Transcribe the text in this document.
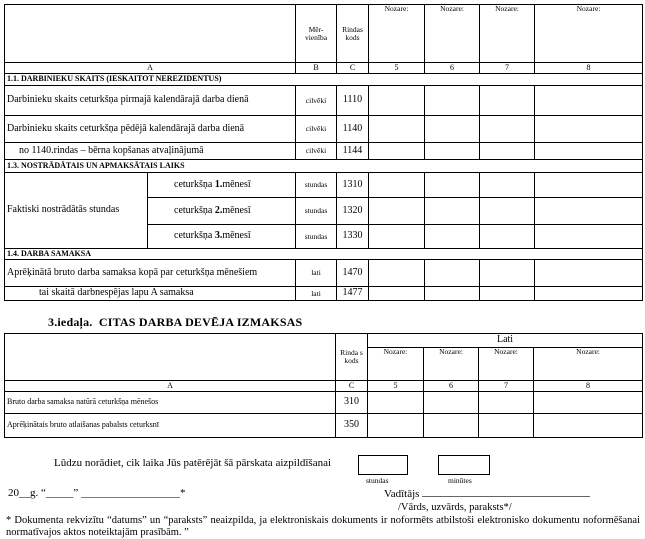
		Mēr-vienība	Rindas kods	Nozare:	Nozare:	Nozare:	Nozare:
A		B	C	5	6	7	8
1.1. DARBINIEKU SKAITS (IESKAITOT NEREZIDENTUS)							
Darbinieku skaits ceturkšņa pirmajā kalendārajā darba dienā		cilvēki	1110				
Darbinieku skaits ceturkšņa pēdējā kalendārajā darba dienā		cilvēki	1140				
no 1140.rindas – bērna kopšanas atvaļinājumā		cilvēki	1144				
1.3. NOSTRĀDĀTAIS UN APMAKSĀTAIS LAIKS							
Faktiski nostrādātās stundas	ceturkšņa 1.mēnesī	stundas	1310				
	ceturkšņa 2.mēnesī	stundas	1320				
	ceturkšņa 3.mēnesī	stundas	1330				
1.4. DARBA SAMAKSA							
Aprēķinātā bruto darba samaksa kopā par ceturkšņa mēnešiem		lati	1470				
tai skaitā darbnespējas lapu A samaksa		lati	1477				
3.iedaļa. CITAS DARBA DEVĒJA IZMAKSAS
	Rinda s kods	Lati			
		Nozare:	Nozare:	Nozare:	Nozare:
A	C	5	6	7	8
Bruto darba samaksa natūrā ceturkšņa mēnešos	310				
Aprēķinātais bruto atlaišanas pabalsts ceturksnī	350				
Lūdzu norādiet, cik laika Jūs patērējāt šā pārskata aizpildīšanai
stundas	minūtes
20__g. “_____” __________________*	Vadītājs
/Vārds, uzvārds, paraksts*/
* Dokumenta rekvizītu “datums” un “paraksts” neaizpilda, ja elektroniskais dokuments ir noformēts atbilstoši elektronisko dokumentu noformēšanai normatīvajos aktos noteiktajām prasībām. ”
